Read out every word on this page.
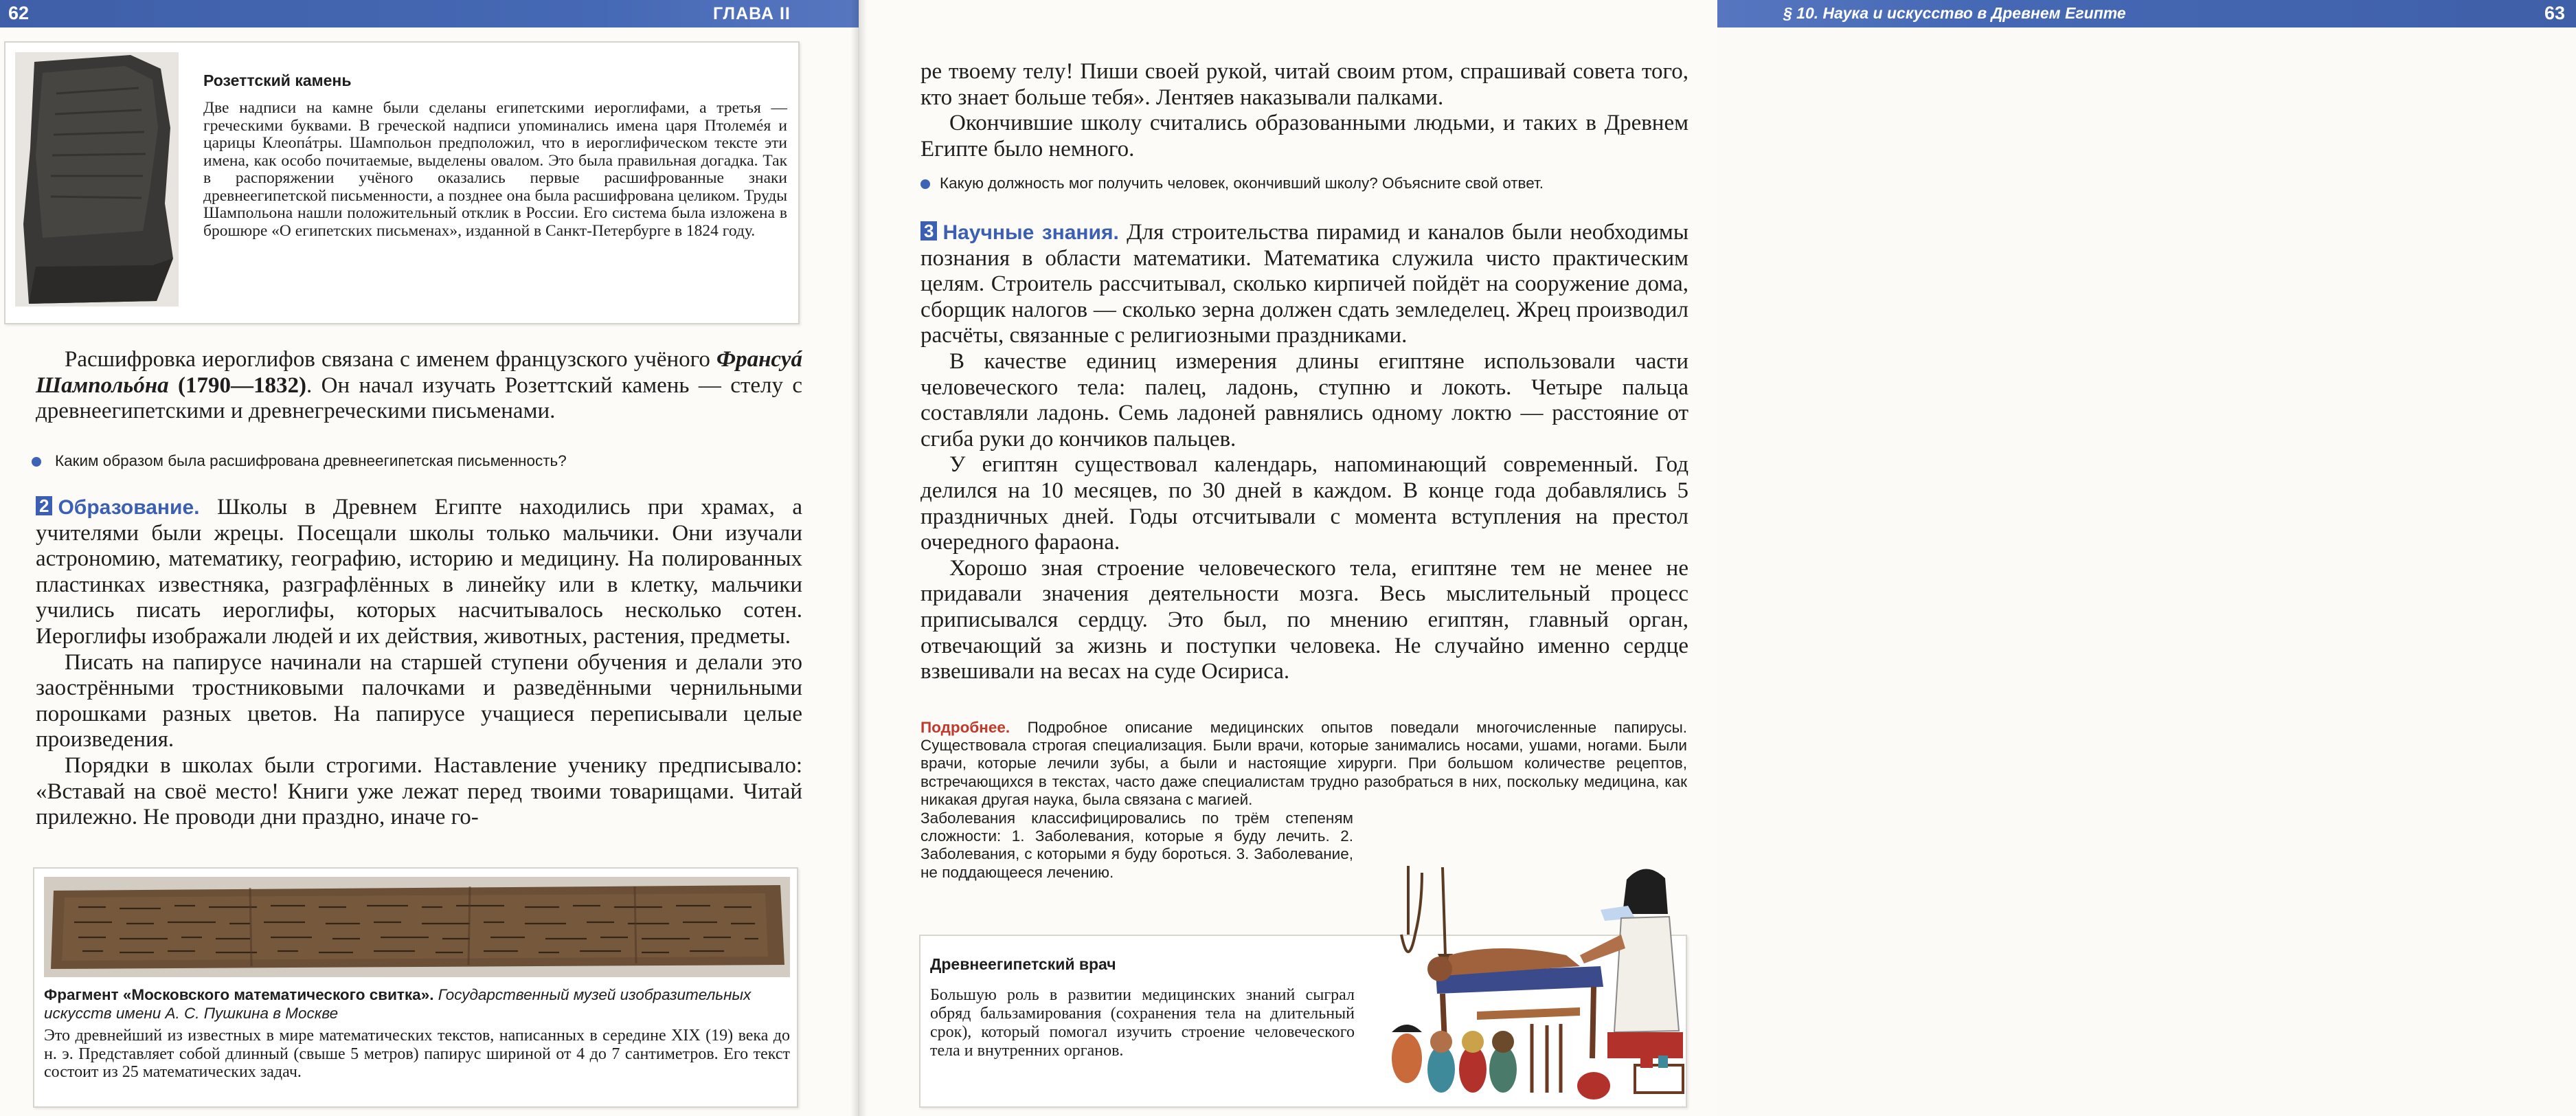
62	ГЛАВА II
Розеттский камень
Две надписи на камне были сделаны египетскими иероглифами, а третья — греческими буквами. В греческой надписи упоминались имена царя Птолемéя и царицы Клеопáтры. Шампольон предположил, что в иероглифическом тексте эти имена, как особо почитаемые, выделены овалом. Это была правильная догадка. Так в распоряжении учёного оказались первые расшифрованные знаки древнеегипетской письменности, а позднее она была расшифрована целиком. Труды Шампольона нашли положительный отклик в России. Его система была изложена в брошюре «О египетских письменах», изданной в Санкт-Петербурге в 1824 году.

Расшифровка иероглифов связана с именем французского учёного Франсуá Шампольóна (1790—1832). Он начал изучать Розеттский камень — стелу с древнеегипетскими и древнегреческими письменами.

Каким образом была расшифрована древнеегипетская письменность?

2 Образование. Школы в Древнем Египте находились при храмах, а учителями были жрецы. Посещали школы только мальчики. Они изучали астрономию, математику, географию, историю и медицину. На полированных пластинках известняка, разграфлённых в линейку или в клетку, мальчики учились писать иероглифы, которых насчитывалось несколько сотен. Иероглифы изображали людей и их действия, животных, растения, предметы.

Писать на папирусе начинали на старшей ступени обучения и делали это заострёнными тростниковыми палочками и разведёнными чернильными порошками разных цветов. На папирусе учащиеся переписывали целые произведения.

Порядки в школах были строгими. Наставление ученику предписывало: «Вставай на своё место! Книги уже лежат перед твоими товарищами. Читай прилежно. Не проводи дни праздно, иначе го-

Фрагмент «Московского математического свитка». Государственный музей изобразительных искусств имени А. С. Пушкина в Москве
Это древнейший из известных в мире математических текстов, написанных в середине XIX (19) века до н. э. Представляет собой длинный (свыше 5 метров) папирус шириной от 4 до 7 сантиметров. Его текст состоит из 25 математических задач.
§ 10. Наука и искусство в Древнем Египте	63

ре твоему телу! Пиши своей рукой, читай своим ртом, спрашивай совета того, кто знает больше тебя». Лентяев наказывали палками.

Окончившие школу считались образованными людьми, и таких в Древнем Египте было немного.

Какую должность мог получить человек, окончивший школу? Объясните свой ответ.

3 Научные знания. Для строительства пирамид и каналов были необходимы познания в области математики. Математика служила чисто практическим целям. Строитель рассчитывал, сколько кирпичей пойдёт на сооружение дома, сборщик налогов — сколько зерна должен сдать земледелец. Жрец производил расчёты, связанные с религиозными праздниками.

В качестве единиц измерения длины египтяне использовали части человеческого тела: палец, ладонь, ступню и локоть. Четыре пальца составляли ладонь. Семь ладоней равнялись одному локтю — расстояние от сгиба руки до кончиков пальцев.

У египтян существовал календарь, напоминающий современный. Год делился на 10 месяцев, по 30 дней в каждом. В конце года добавлялись 5 праздничных дней. Годы отсчитывали с момента вступления на престол очередного фараона.

Хорошо зная строение человеческого тела, египтяне тем не менее не придавали значения деятельности мозга. Весь мыслительный процесс приписывался сердцу. Это был, по мнению египтян, главный орган, отвечающий за жизнь и поступки человека. Не случайно именно сердце взвешивали на весах на суде Осириса.

Подробнее. Подробное описание медицинских опытов поведали многочисленные папирусы. Существовала строгая специализация. Были врачи, которые занимались носами, ушами, ногами. Были врачи, которые лечили зубы, а были и настоящие хирурги. При большом количестве рецептов, встречающихся в текстах, часто даже специалистам трудно разобраться в них, поскольку медицина, как никакая другая наука, была связана с магией.
Заболевания классифицировались по трём степеням сложности: 1. Заболевания, которые я буду лечить. 2. Заболевания, с которыми я буду бороться. 3. Заболевание, не поддающееся лечению.
Древнеегипетский врач
Большую роль в развитии медицинских знаний сыграл обряд бальзамирования (сохранения тела на длительный срок), который помогал изучить строение человеческого тела и внутренних органов.
